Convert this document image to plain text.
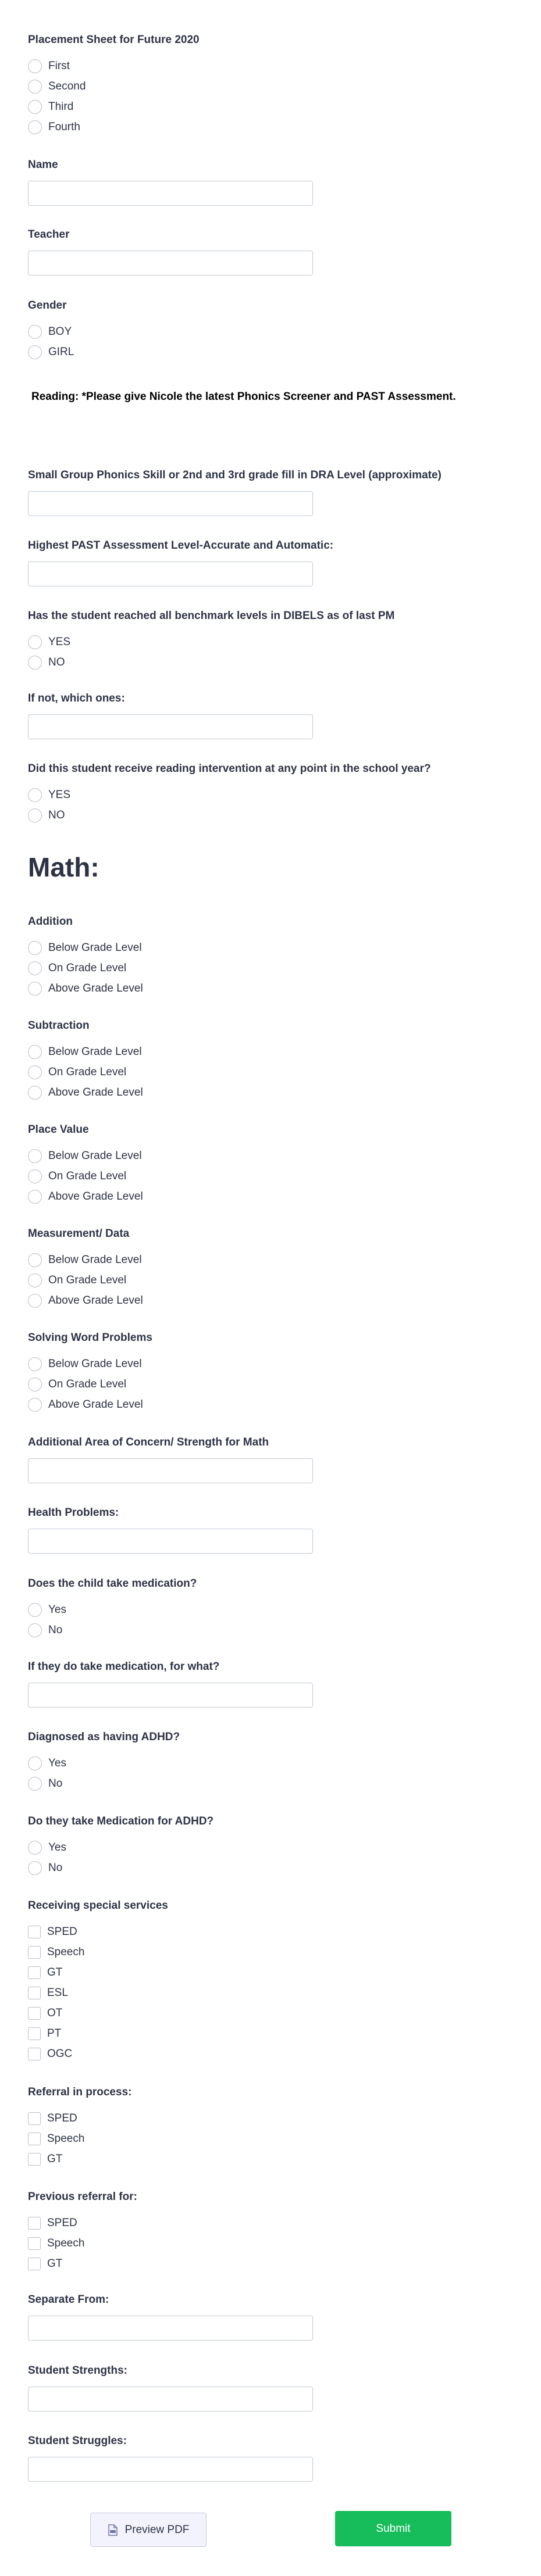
Placement Sheet for Future 2020
First
Second
Third
Fourth
Name
Teacher
Gender
BOY
GIRL

Reading: *Please give Nicole the latest Phonics Screener and PAST Assessment.

Small Group Phonics Skill or 2nd and 3rd grade fill in DRA Level (approximate)
Highest PAST Assessment Level-Accurate and Automatic:
Has the student reached all benchmark levels in DIBELS as of last PM
YES
NO
If not, which ones:
Did this student receive reading intervention at any point in the school year?
YES
NO
Math:
Addition
Below Grade Level
On Grade Level
Above Grade Level
Subtraction
Below Grade Level
On Grade Level
Above Grade Level
Place Value
Below Grade Level
On Grade Level
Above Grade Level
Measurement/ Data
Below Grade Level
On Grade Level
Above Grade Level
Solving Word Problems
Below Grade Level
On Grade Level
Above Grade Level
Additional Area of Concern/ Strength for Math
Health Problems:
Does the child take medication?
Yes
No
If they do take medication, for what?
Diagnosed as having ADHD?
Yes
No
Do they take Medication for ADHD?
Yes
No
Receiving special services
SPED
Speech
GT
ESL
OT
PT
OGC
Referral in process:
SPED
Speech
GT
Previous referral for:
SPED
Speech
GT
Separate From:
Student Strengths:
Student Struggles:
Preview PDF	Submit
